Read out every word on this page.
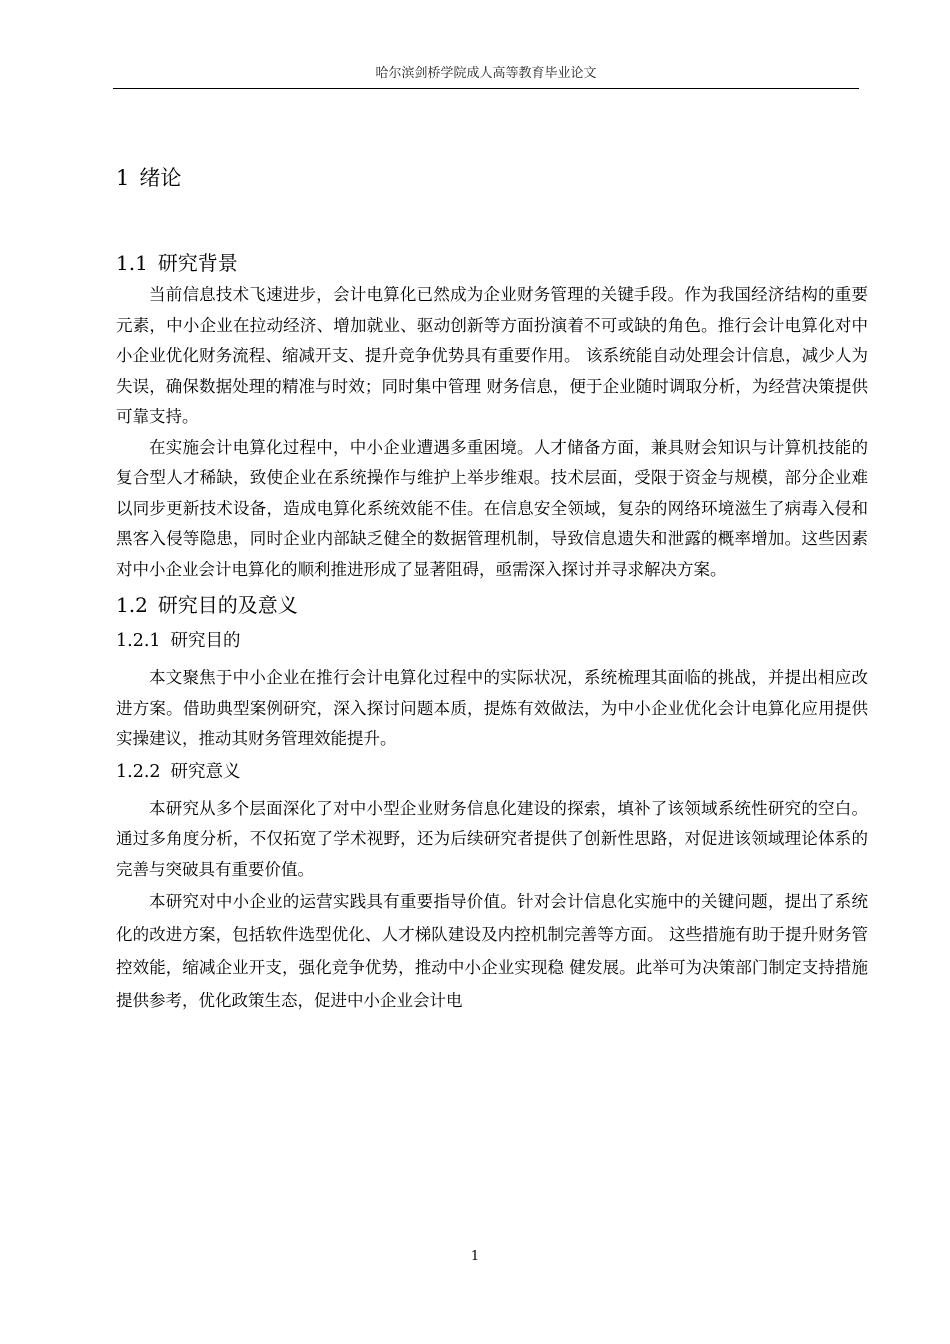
哈尔滨剑桥学院成人高等教育毕业论文
1 绪论
1.1 研究背景

当前信息技术飞速进步，会计电算化已然成为企业财务管理的关键手段。作为我国经济结构的重要元素，中小企业在拉动经济、增加就业、驱动创新等方面扮演着不可或缺的角色。推行会计电算化对中小企业优化财务流程、缩减开支、提升竞争优势具有重要作用。 该系统能自动处理会计信息，减少人为失误，确保数据处理的精准与时效；同时集中管理 财务信息，便于企业随时调取分析，为经营决策提供可靠支持。

在实施会计电算化过程中，中小企业遭遇多重困境。人才储备方面，兼具财会知识与计算机技能的复合型人才稀缺，致使企业在系统操作与维护上举步维艰。技术层面，受限于资金与规模，部分企业难以同步更新技术设备，造成电算化系统效能不佳。在信息安全领域，复杂的网络环境滋生了病毒入侵和黑客入侵等隐患，同时企业内部缺乏健全的数据管理机制，导致信息遗失和泄露的概率增加。这些因素对中小企业会计电算化的顺利推进形成了显著阻碍，亟需深入探讨并寻求解决方案。

1.2 研究目的及意义
1.2.1 研究目的

本文聚焦于中小企业在推行会计电算化过程中的实际状况，系统梳理其面临的挑战，并提出相应改进方案。借助典型案例研究，深入探讨问题本质，提炼有效做法，为中小企业优化会计电算化应用提供实操建议，推动其财务管理效能提升。

1.2.2 研究意义

本研究从多个层面深化了对中小型企业财务信息化建设的探索，填补了该领域系统性研究的空白。通过多角度分析，不仅拓宽了学术视野，还为后续研究者提供了创新性思路，对促进该领域理论体系的完善与突破具有重要价值。

本研究对中小企业的运营实践具有重要指导价值。针对会计信息化实施中的关键问题，提出了系统化的改进方案，包括软件选型优化、人才梯队建设及内控机制完善等方面。 这些措施有助于提升财务管控效能，缩减企业开支，强化竞争优势，推动中小企业实现稳 健发展。此举可为决策部门制定支持措施提供参考，优化政策生态，促进中小企业会计电

1
